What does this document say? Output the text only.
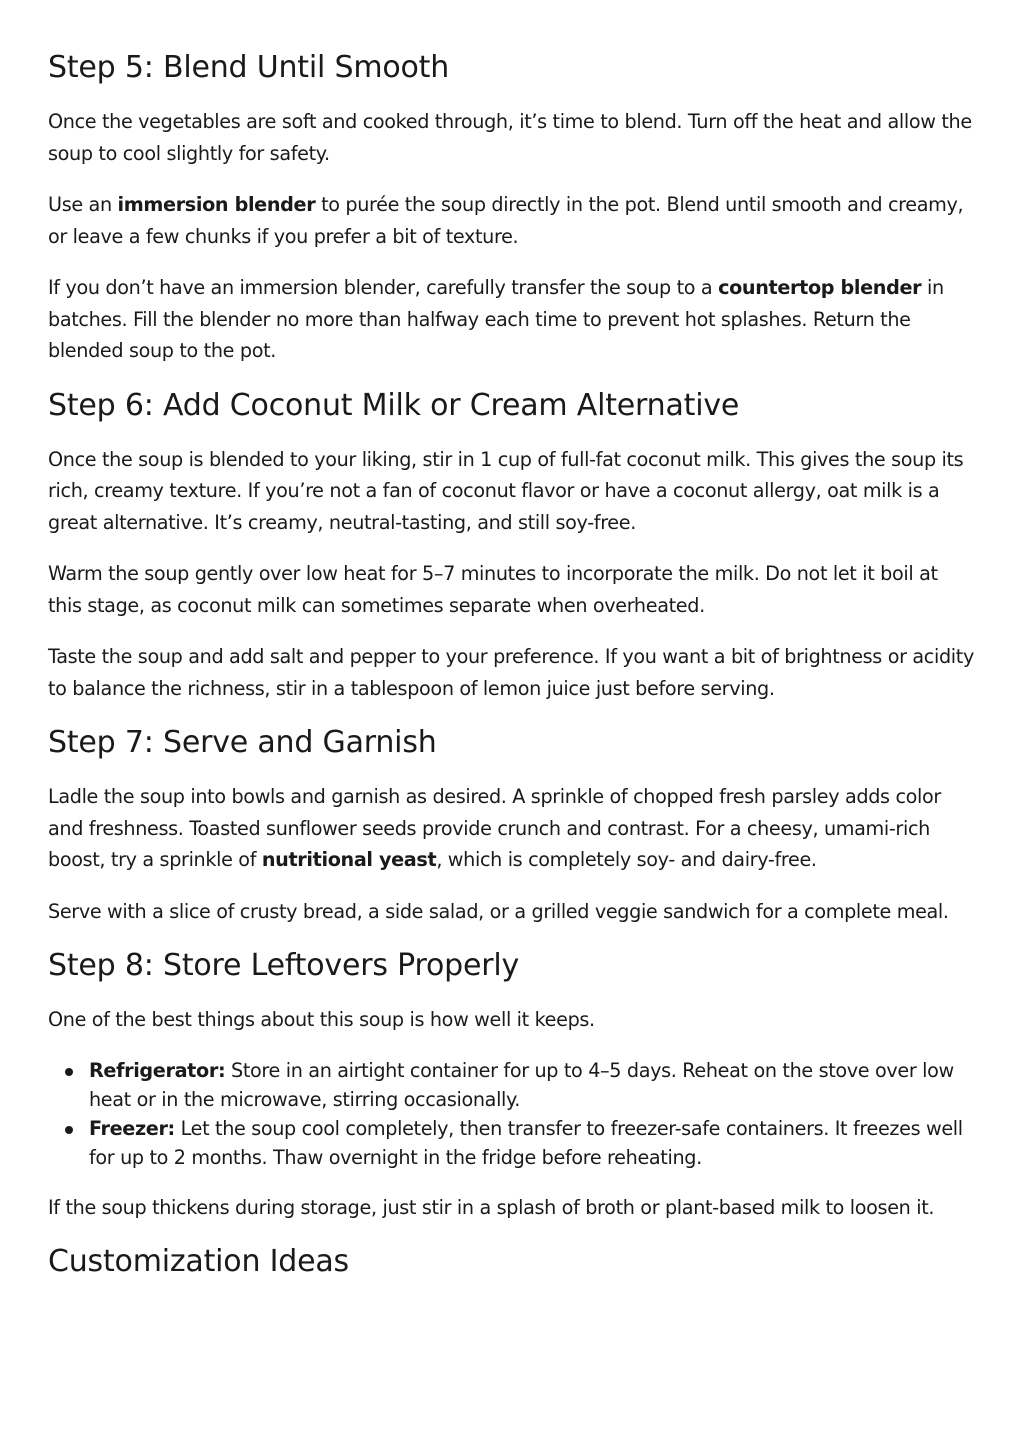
Step 5: Blend Until Smooth

Once the vegetables are soft and cooked through, it’s time to blend. Turn off the heat and allow the soup to cool slightly for safety.

Use an immersion blender to purée the soup directly in the pot. Blend until smooth and creamy, or leave a few chunks if you prefer a bit of texture.

If you don’t have an immersion blender, carefully transfer the soup to a countertop blender in batches. Fill the blender no more than halfway each time to prevent hot splashes. Return the blended soup to the pot.

Step 6: Add Coconut Milk or Cream Alternative

Once the soup is blended to your liking, stir in 1 cup of full-fat coconut milk. This gives the soup its rich, creamy texture. If you’re not a fan of coconut flavor or have a coconut allergy, oat milk is a great alternative. It’s creamy, neutral-tasting, and still soy-free.

Warm the soup gently over low heat for 5–7 minutes to incorporate the milk. Do not let it boil at this stage, as coconut milk can sometimes separate when overheated.

Taste the soup and add salt and pepper to your preference. If you want a bit of brightness or acidity to balance the richness, stir in a tablespoon of lemon juice just before serving.

Step 7: Serve and Garnish

Ladle the soup into bowls and garnish as desired. A sprinkle of chopped fresh parsley adds color and freshness. Toasted sunflower seeds provide crunch and contrast. For a cheesy, umami-rich boost, try a sprinkle of nutritional yeast, which is completely soy- and dairy-free.

Serve with a slice of crusty bread, a side salad, or a grilled veggie sandwich for a complete meal.

Step 8: Store Leftovers Properly

One of the best things about this soup is how well it keeps.

Refrigerator: Store in an airtight container for up to 4–5 days. Reheat on the stove over low heat or in the microwave, stirring occasionally.
Freezer: Let the soup cool completely, then transfer to freezer-safe containers. It freezes well for up to 2 months. Thaw overnight in the fridge before reheating.

If the soup thickens during storage, just stir in a splash of broth or plant-based milk to loosen it.

Customization Ideas
